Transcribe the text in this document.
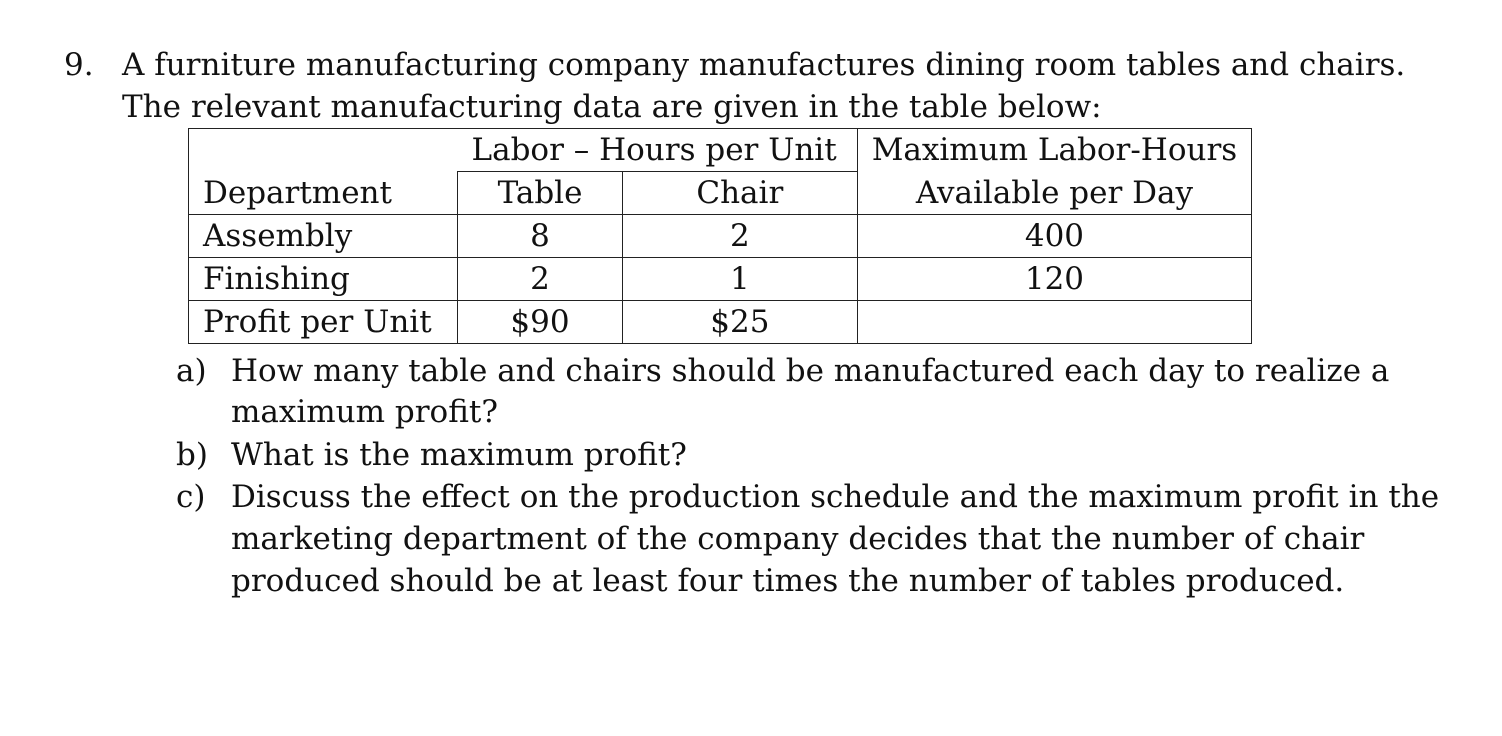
9. A furniture manufacturing company manufactures dining room tables and chairs.
The relevant manufacturing data are given in the table below:
	Labor – Hours per Unit		Maximum Labor-Hours
Department	Table	Chair	Available per Day
Assembly	8	2	400
Finishing	2	1	120
Profit per Unit	$90	$25	
a) How many table and chairs should be manufactured each day to realize a
maximum profit?
b) What is the maximum profit?
c) Discuss the effect on the production schedule and the maximum profit in the
marketing department of the company decides that the number of chair
produced should be at least four times the number of tables produced.
